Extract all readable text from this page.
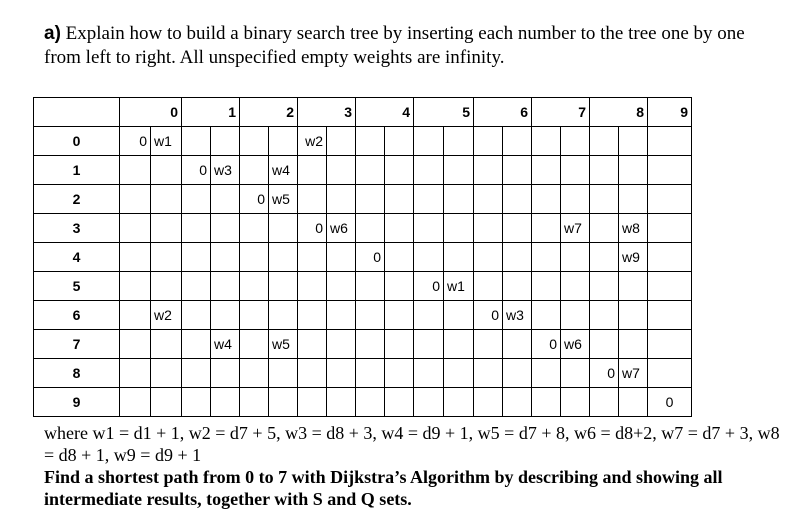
a) Explain how to build a binary search tree by inserting each number to the tree one by one from left to right. All unspecified empty weights are infinity.
	0		1		2		3		4		5		6		7		8		9
0	0	w1					w2												
1			0	w3		w4													
2					0	w5													
3							0	w6								w7		w8	
4									0									w9	
5											0	w1							
6		w2											0	w3					
7				w4		w5									0	w6			
8																	0	w7	
9																			0
where w1 = d1 + 1, w2 = d7 + 5, w3 = d8 + 3, w4 = d9 + 1, w5 = d7 + 8, w6 = d8+2, w7 = d7 + 3, w8 = d8 + 1, w9 = d9 + 1
Find a shortest path from 0 to 7 with Dijkstra’s Algorithm by describing and showing all intermediate results, together with S and Q sets.
